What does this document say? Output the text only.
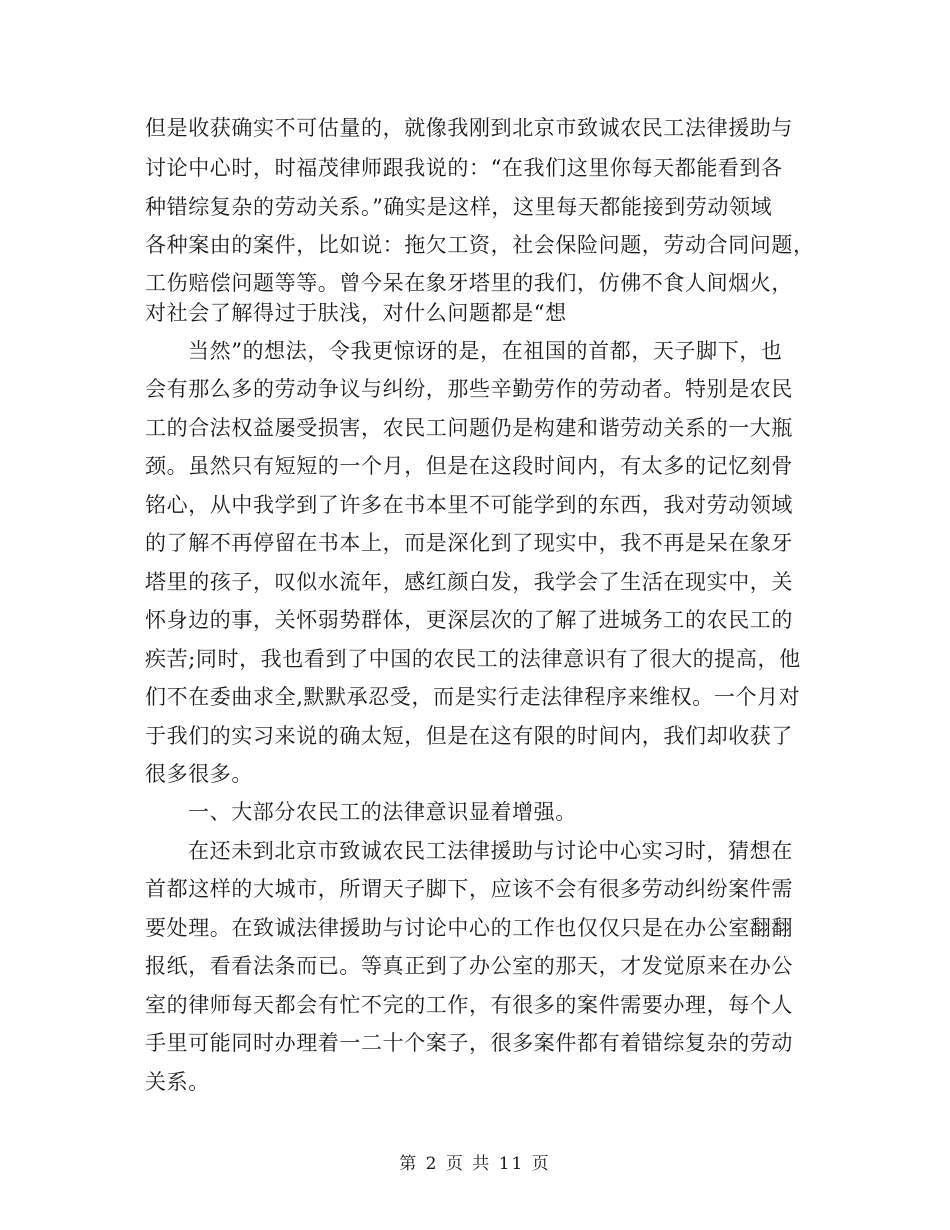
但是收获确实不可估量的，就像我刚到北京市致诚农民工法律援助与
讨论中心时，时福茂律师跟我说的：“在我们这里你每天都能看到各
种错综复杂的劳动关系。”确实是这样，这里每天都能接到劳动领域
各种案由的案件，比如说：拖欠工资，社会保险问题，劳动合同问题，
工伤赔偿问题等等。曾今呆在象牙塔里的我们，仿佛不食人间烟火，
对社会了解得过于肤浅，对什么问题都是“想
当然”的想法，令我更惊讶的是，在祖国的首都，天子脚下，也
会有那么多的劳动争议与纠纷，那些辛勤劳作的劳动者。特别是农民
工的合法权益屡受损害，农民工问题仍是构建和谐劳动关系的一大瓶
颈。虽然只有短短的一个月，但是在这段时间内，有太多的记忆刻骨
铭心，从中我学到了许多在书本里不可能学到的东西，我对劳动领域
的了解不再停留在书本上，而是深化到了现实中，我不再是呆在象牙
塔里的孩子，叹似水流年，感红颜白发，我学会了生活在现实中，关
怀身边的事，关怀弱势群体，更深层次的了解了进城务工的农民工的
疾苦;同时，我也看到了中国的农民工的法律意识有了很大的提高，他
们不在委曲求全,默默承忍受，而是实行走法律程序来维权。一个月对
于我们的实习来说的确太短，但是在这有限的时间内，我们却收获了
很多很多。
一、大部分农民工的法律意识显着增强。
在还未到北京市致诚农民工法律援助与讨论中心实习时，猜想在
首都这样的大城市，所谓天子脚下，应该不会有很多劳动纠纷案件需
要处理。在致诚法律援助与讨论中心的工作也仅仅只是在办公室翻翻
报纸，看看法条而已。等真正到了办公室的那天，才发觉原来在办公
室的律师每天都会有忙不完的工作，有很多的案件需要办理，每个人
手里可能同时办理着一二十个案子，很多案件都有着错综复杂的劳动
关系。
第 2 页 共 11 页
